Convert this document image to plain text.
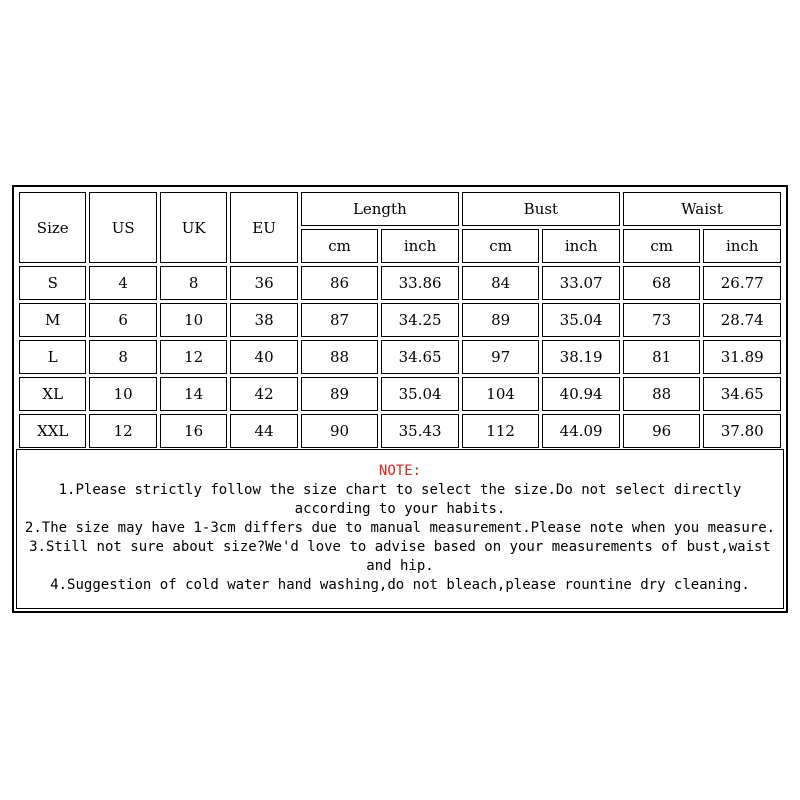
Size	US	UK	EU	Length		Bust		Waist	
				cm	inch	cm	inch	cm	inch
S	4	8	36	86	33.86	84	33.07	68	26.77
M	6	10	38	87	34.25	89	35.04	73	28.74
L	8	12	40	88	34.65	97	38.19	81	31.89
XL	10	14	42	89	35.04	104	40.94	88	34.65
XXL	12	16	44	90	35.43	112	44.09	96	37.80
NOTE:
1.Please strictly follow the size chart to select the size.Do not select directly according to your habits.
2.The size may have 1-3cm differs due to manual measurement.Please note when you measure.
3.Still not sure about size?We'd love to advise based on your measurements of bust,waist and hip.
4.Suggestion of cold water hand washing,do not bleach,please rountine dry cleaning.
